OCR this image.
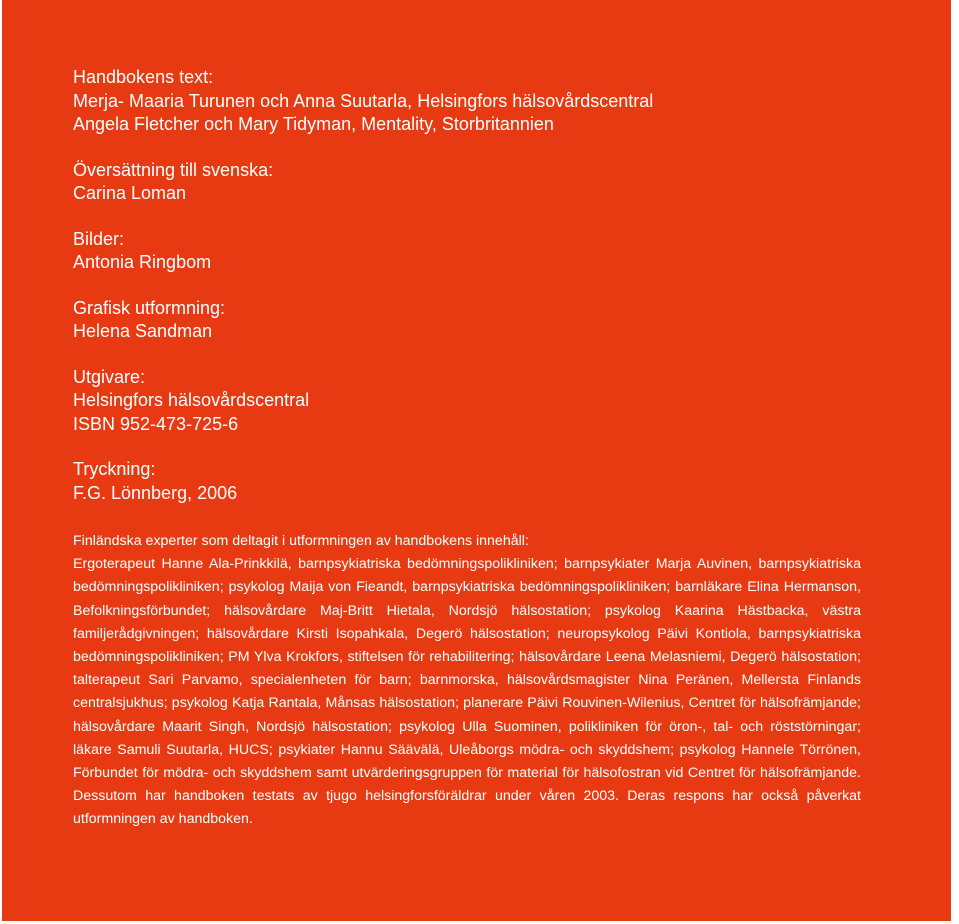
Handbokens text:
Merja- Maaria Turunen och Anna Suutarla, Helsingfors hälsovårdscentral
Angela Fletcher och Mary Tidyman, Mentality, Storbritannien
Översättning till svenska:
Carina Loman
Bilder:
Antonia Ringbom
Grafisk utformning:
Helena Sandman
Utgivare:
Helsingfors hälsovårdscentral
ISBN 952-473-725-6
Tryckning:
F.G. Lönnberg, 2006
Finländska experter som deltagit i utformningen av handbokens innehåll:

Ergoterapeut Hanne Ala-Prinkkilä, barnpsykiatriska bedömningspolikliniken; barnpsykiater Marja Auvinen, barnpsykiatriska bedömningspolikliniken; psykolog Maija von Fieandt, barnpsykiatriska bedömningspolikliniken; barnläkare Elina Hermanson, Befolkningsförbundet; hälsovårdare Maj-Britt Hietala, Nordsjö hälsostation; psykolog Kaarina Hästbacka, västra familjerådgivningen; hälsovårdare Kirsti Isopahkala, Degerö hälsostation; neuropsykolog Päivi Kontiola, barnpsykiatriska bedömningspolikliniken; PM Ylva Krokfors, stiftelsen för rehabilitering; hälsovårdare Leena Melasniemi, Degerö hälsostation; talterapeut Sari Parvamo, specialenheten för barn; barnmorska, hälsovårdsmagister Nina Peränen, Mellersta Finlands centralsjukhus; psykolog Katja Rantala, Månsas hälsostation; planerare Päivi Rouvinen-Wilenius, Centret för hälsofrämjande; hälsovårdare Maarit Singh, Nordsjö hälsostation; psykolog Ulla Suominen, polikliniken för öron-, tal- och röststörningar; läkare Samuli Suutarla, HUCS; psykiater Hannu Säävälä, Uleåborgs mödra- och skyddshem; psykolog Hannele Törrönen, Förbundet för mödra- och skyddshem samt utvärderingsgruppen för material för hälsofostran vid Centret för hälsofrämjande. Dessutom har handboken testats av tjugo helsingforsföräldrar under våren 2003. Deras respons har också påverkat utformningen av handboken.
